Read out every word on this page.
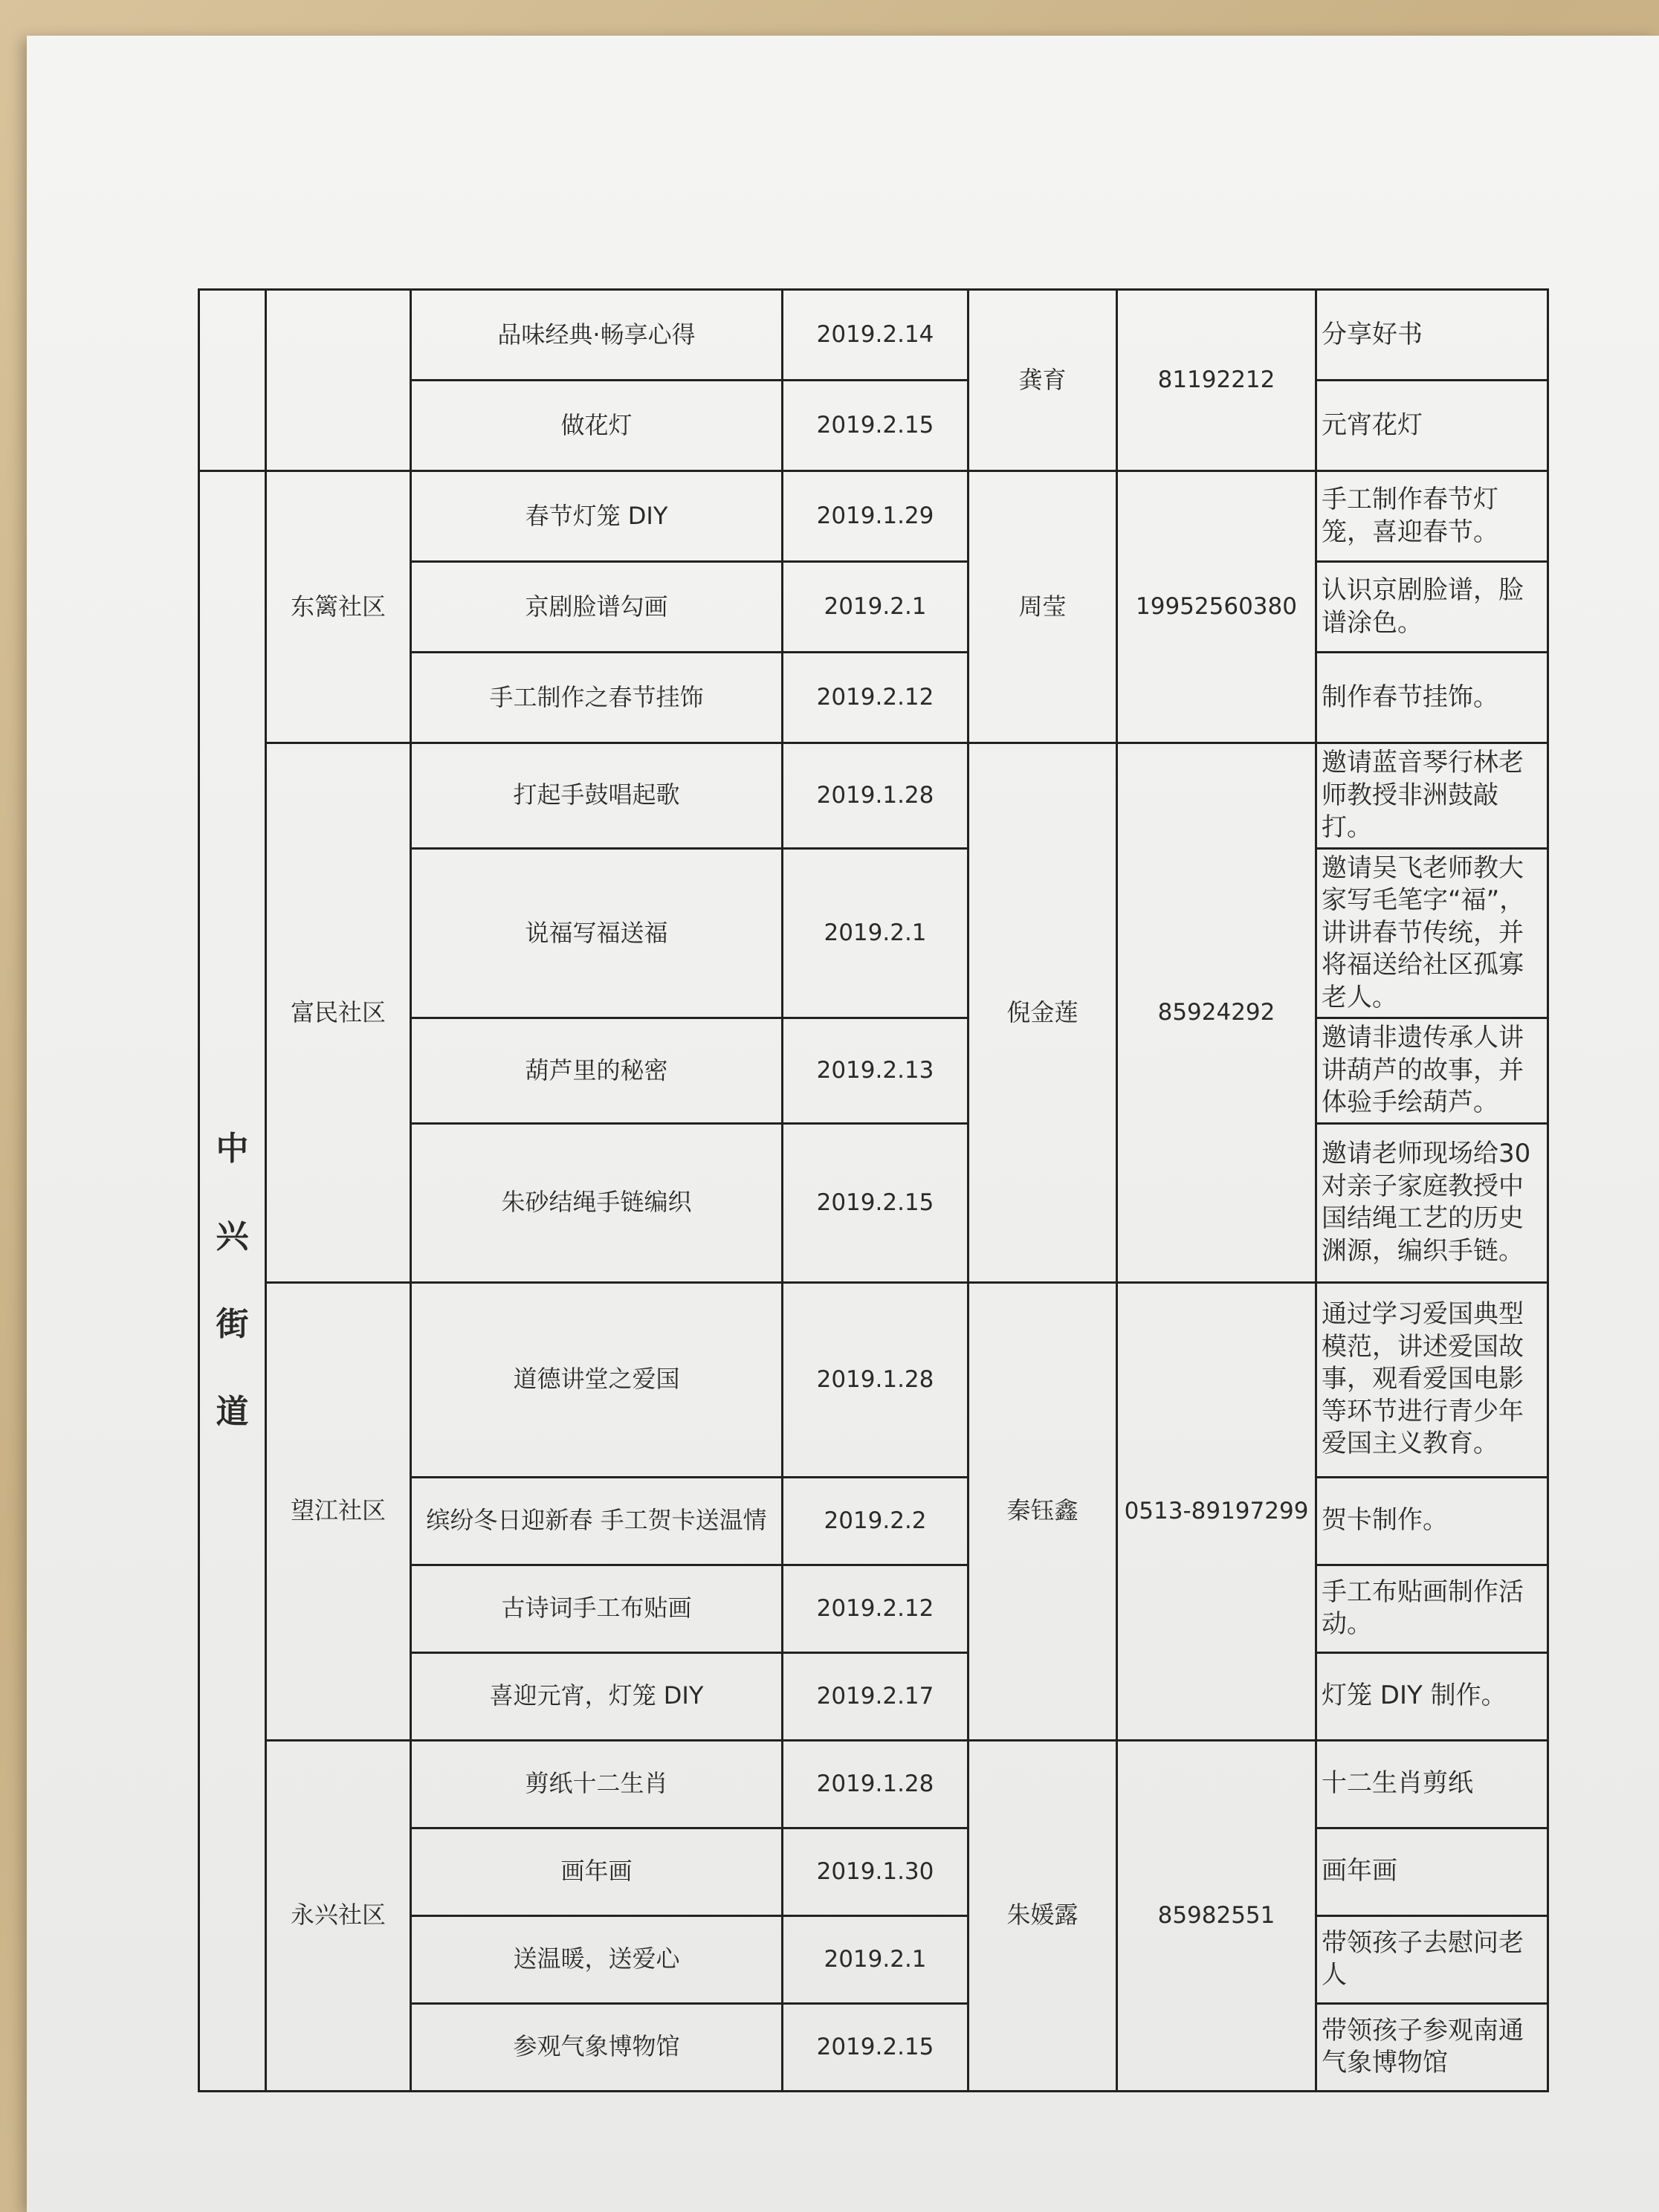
		品味经典·畅享心得	2019.2.14	龚育	81192212	分享好书
		做花灯	2019.2.15			元宵花灯
中兴街道	东篱社区	春节灯笼 DIY	2019.1.29	周莹	19952560380	手工制作春节灯笼，喜迎春节。
		京剧脸谱勾画	2019.2.1			认识京剧脸谱，脸谱涂色。
		手工制作之春节挂饰	2019.2.12			制作春节挂饰。
	富民社区	打起手鼓唱起歌	2019.1.28	倪金莲	85924292	邀请蓝音琴行林老师教授非洲鼓敲打。
		说福写福送福	2019.2.1			邀请吴飞老师教大家写毛笔字“福”，讲讲春节传统，并将福送给社区孤寡老人。
		葫芦里的秘密	2019.2.13			邀请非遗传承人讲讲葫芦的故事，并体验手绘葫芦。
		朱砂结绳手链编织	2019.2.15			邀请老师现场给30 对亲子家庭教授中国结绳工艺的历史渊源，编织手链。
	望江社区	道德讲堂之爱国	2019.1.28	秦钰鑫	0513-89197299	通过学习爱国典型模范，讲述爱国故事，观看爱国电影等环节进行青少年爱国主义教育。
		缤纷冬日迎新春 手工贺卡送温情	2019.2.2			贺卡制作。
		古诗词手工布贴画	2019.2.12			手工布贴画制作活动。
		喜迎元宵，灯笼 DIY	2019.2.17			灯笼 DIY 制作。
	永兴社区	剪纸十二生肖	2019.1.28	朱媛露	85982551	十二生肖剪纸
		画年画	2019.1.30			画年画
		送温暖，送爱心	2019.2.1			带领孩子去慰问老人
		参观气象博物馆	2019.2.15			带领孩子参观南通气象博物馆
